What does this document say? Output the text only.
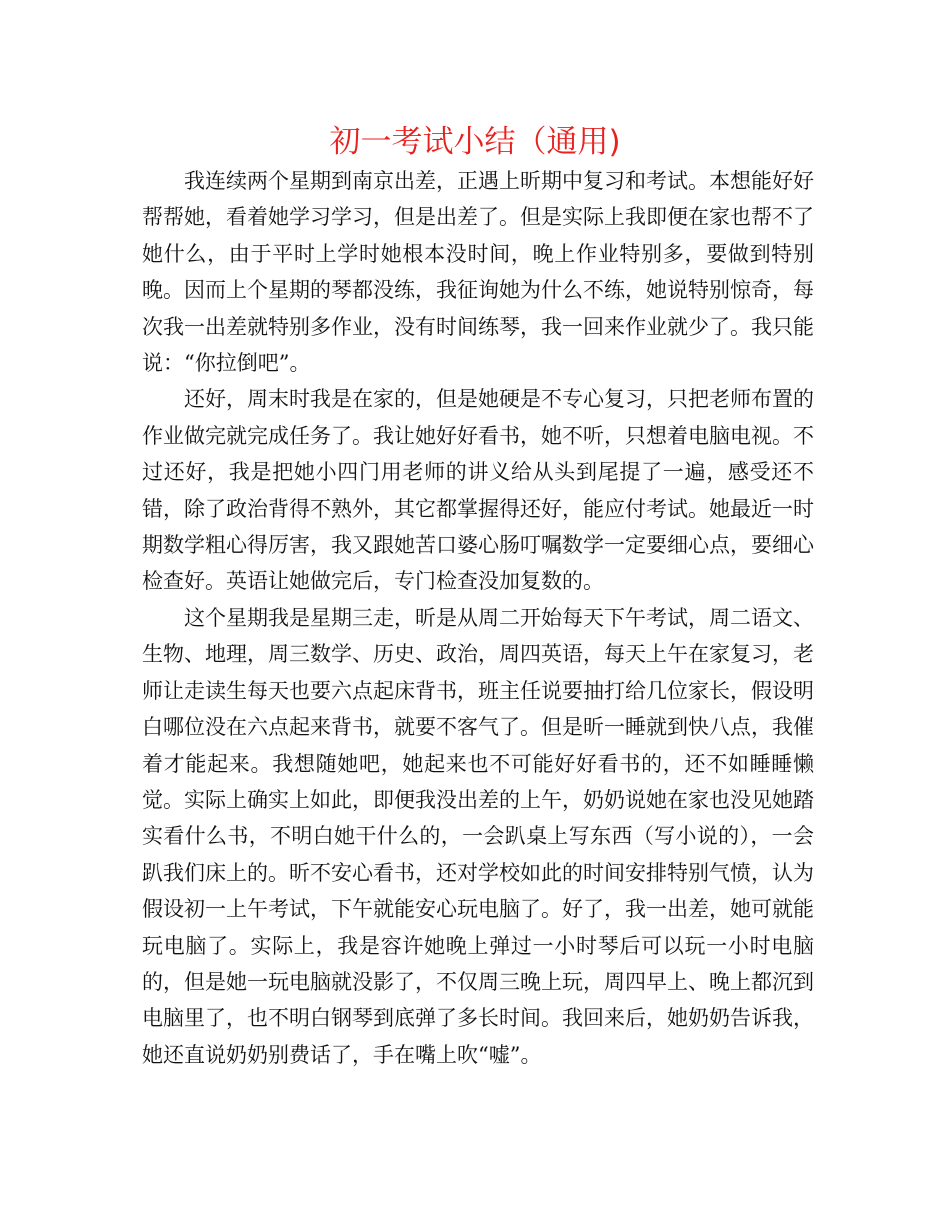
初一考试小结（通用)

我连续两个星期到南京出差，正遇上昕期中复习和考试。本想能好好帮帮她，看着她学习学习，但是出差了。但是实际上我即便在家也帮不了她什么，由于平时上学时她根本没时间，晚上作业特别多，要做到特别晚。因而上个星期的琴都没练，我征询她为什么不练，她说特别惊奇，每次我一出差就特别多作业，没有时间练琴，我一回来作业就少了。我只能说：“你拉倒吧”。

还好，周末时我是在家的，但是她硬是不专心复习，只把老师布置的作业做完就完成任务了。我让她好好看书，她不听，只想着电脑电视。不过还好，我是把她小四门用老师的讲义给从头到尾提了一遍，感受还不错，除了政治背得不熟外，其它都掌握得还好，能应付考试。她最近一时期数学粗心得厉害，我又跟她苦口婆心肠叮嘱数学一定要细心点，要细心检查好。英语让她做完后，专门检查没加复数的。

这个星期我是星期三走，昕是从周二开始每天下午考试，周二语文、生物、地理，周三数学、历史、政治，周四英语，每天上午在家复习，老师让走读生每天也要六点起床背书，班主任说要抽打给几位家长，假设明白哪位没在六点起来背书，就要不客气了。但是昕一睡就到快八点，我催着才能起来。我想随她吧，她起来也不可能好好看书的，还不如睡睡懒觉。实际上确实上如此，即便我没出差的上午，奶奶说她在家也没见她踏实看什么书，不明白她干什么的，一会趴桌上写东西（写小说的），一会趴我们床上的。昕不安心看书，还对学校如此的时间安排特别气愤，认为假设初一上午考试，下午就能安心玩电脑了。好了，我一出差，她可就能玩电脑了。实际上，我是容许她晚上弹过一小时琴后可以玩一小时电脑的，但是她一玩电脑就没影了，不仅周三晚上玩，周四早上、晚上都沉到电脑里了，也不明白钢琴到底弹了多长时间。我回来后，她奶奶告诉我，她还直说奶奶别费话了，手在嘴上吹“嘘”。
